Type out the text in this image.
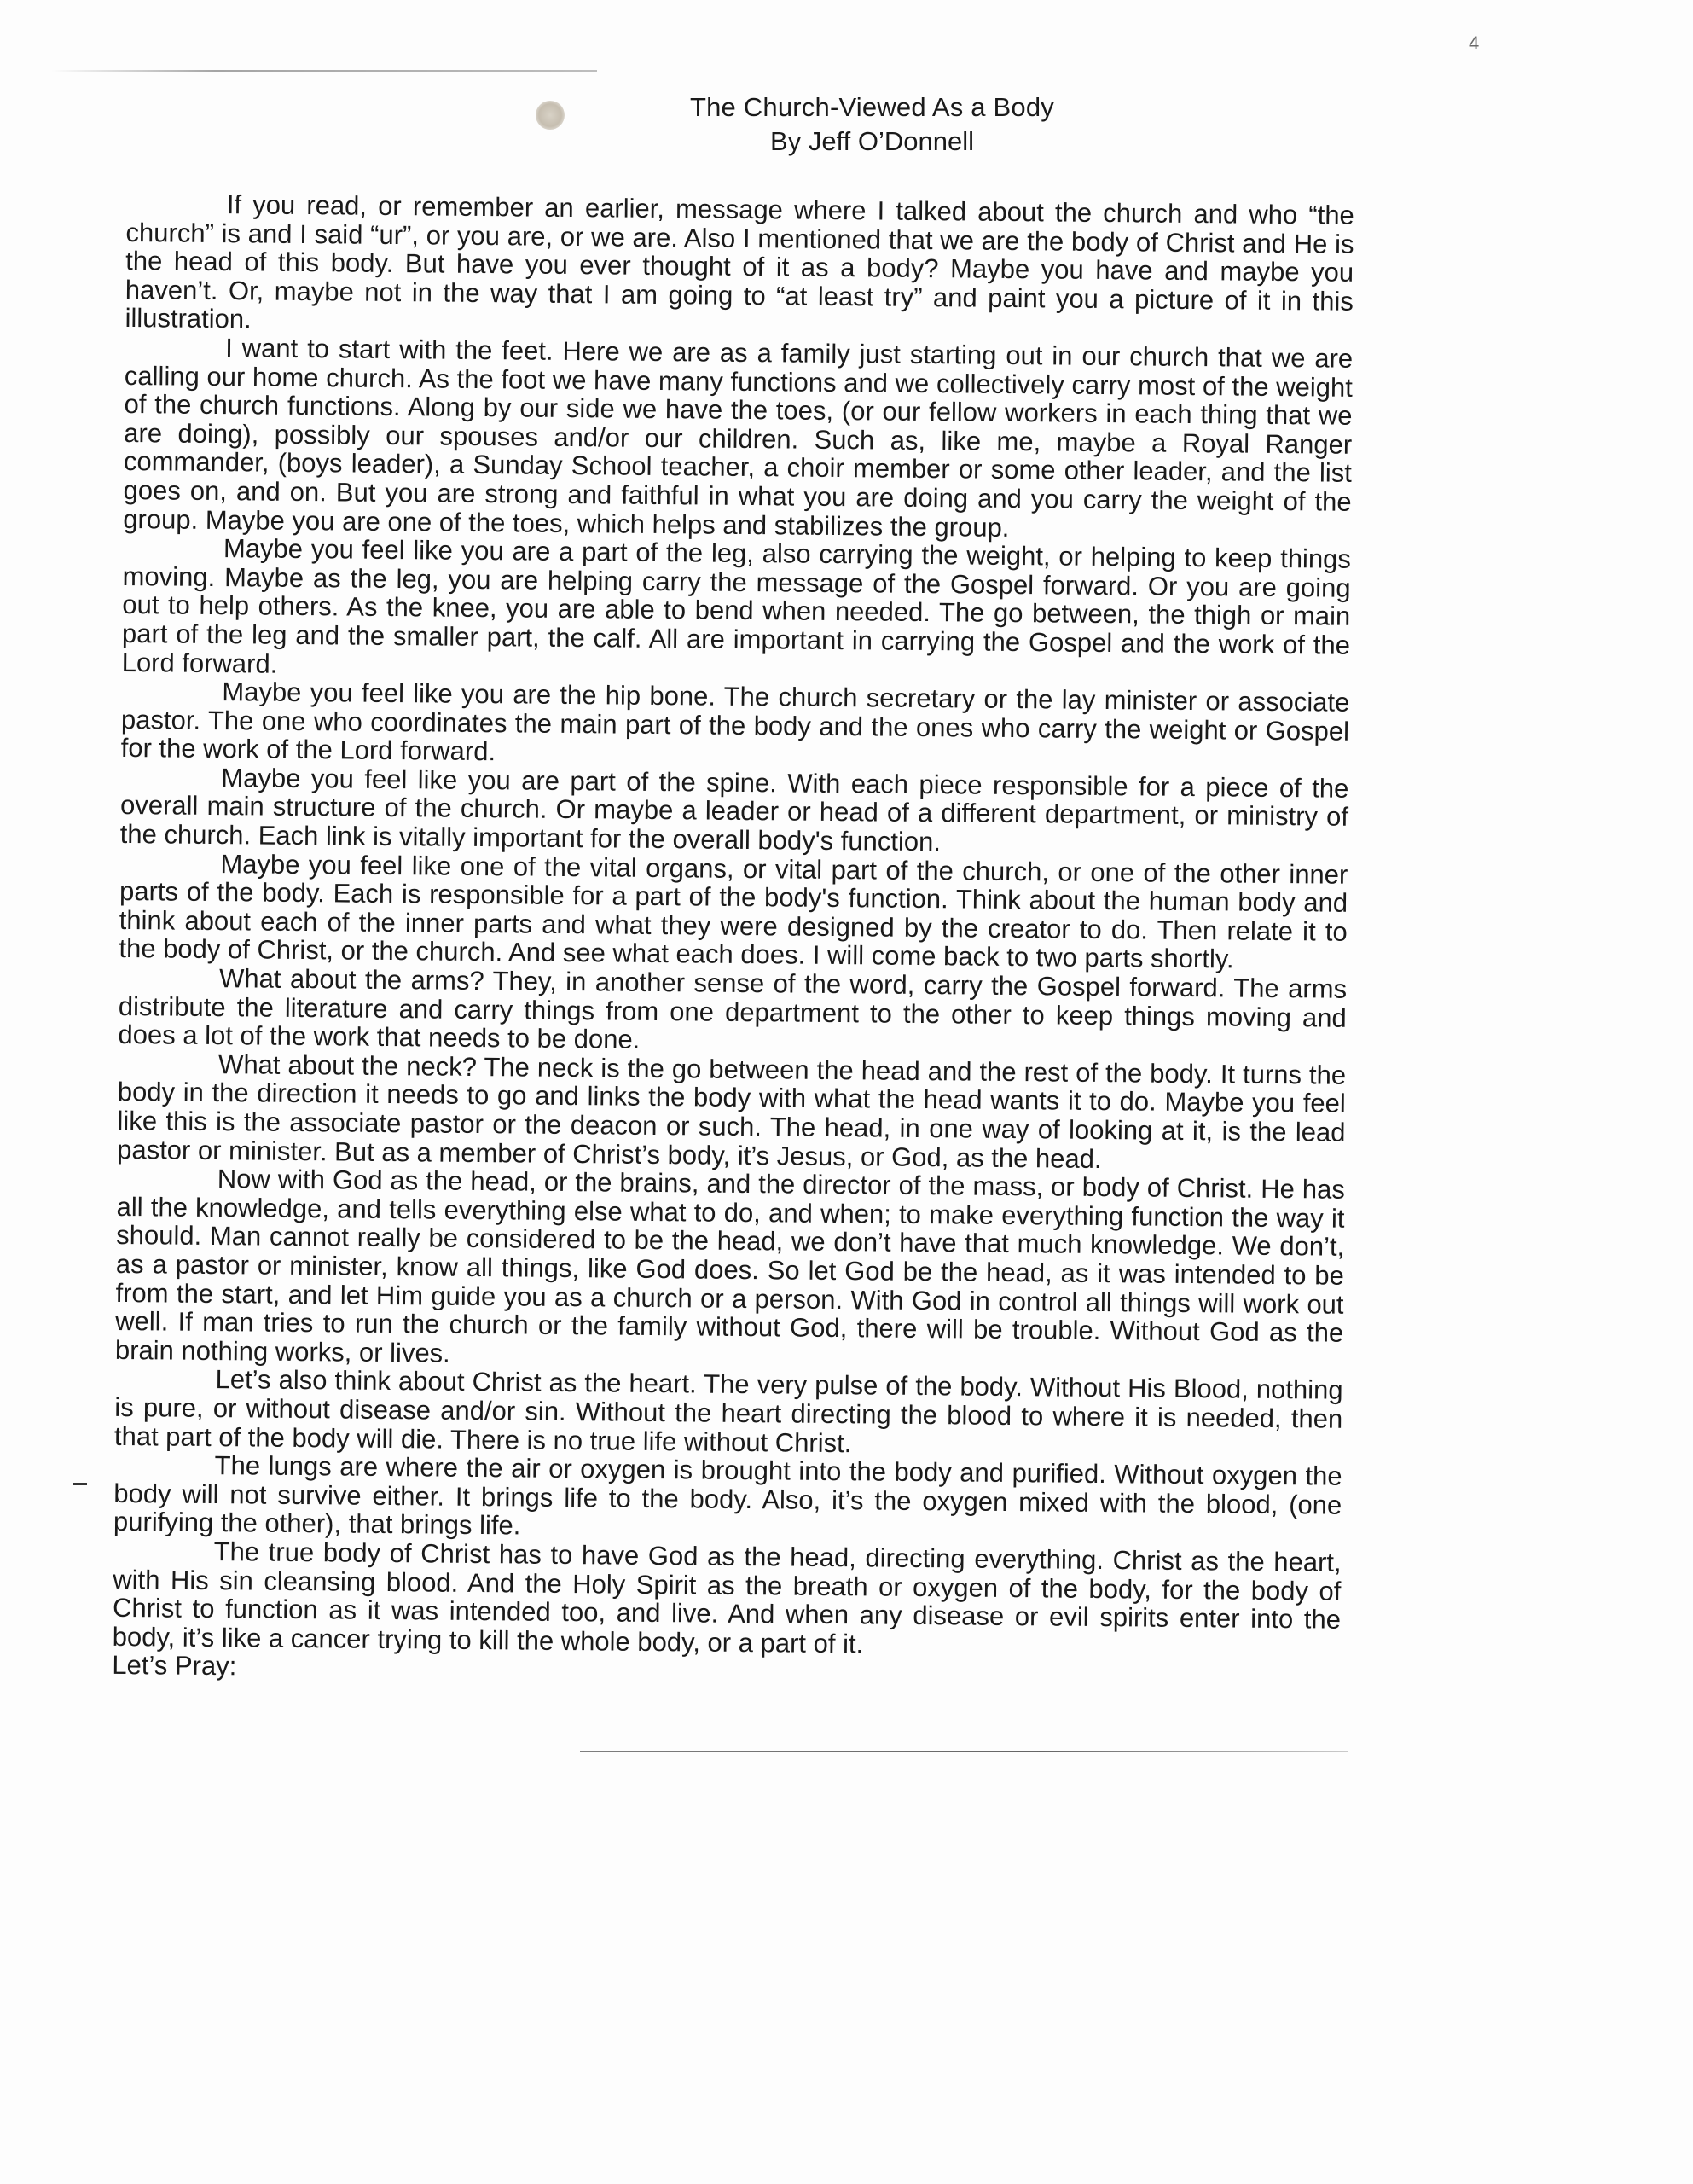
4
The Church-Viewed As a Body
By Jeff O’Donnell

If you read, or remember an earlier, message where I talked about the church and who “the church” is and I said “ur”, or you are, or we are. Also I mentioned that we are the body of Christ and He is the head of this body. But have you ever thought of it as a body? Maybe you have and maybe you haven’t. Or, maybe not in the way that I am going to “at least try” and paint you a picture of it in this illustration.

I want to start with the feet. Here we are as a family just starting out in our church that we are calling our home church. As the foot we have many functions and we collectively carry most of the weight of the church functions. Along by our side we have the toes, (or our fellow workers in each thing that we are doing), possibly our spouses and/or our children. Such as, like me, maybe a Royal Ranger commander, (boys leader), a Sunday School teacher, a choir member or some other leader, and the list goes on, and on. But you are strong and faithful in what you are doing and you carry the weight of the group. Maybe you are one of the toes, which helps and stabilizes the group.

Maybe you feel like you are a part of the leg, also carrying the weight, or helping to keep things moving. Maybe as the leg, you are helping carry the message of the Gospel forward. Or you are going out to help others. As the knee, you are able to bend when needed. The go between, the thigh or main part of the leg and the smaller part, the calf. All are important in carrying the Gospel and the work of the Lord forward.

Maybe you feel like you are the hip bone. The church secretary or the lay minister or associate pastor. The one who coordinates the main part of the body and the ones who carry the weight or Gospel for the work of the Lord forward.

Maybe you feel like you are part of the spine. With each piece responsible for a piece of the overall main structure of the church. Or maybe a leader or head of a different department, or ministry of the church. Each link is vitally important for the overall body's function.

Maybe you feel like one of the vital organs, or vital part of the church, or one of the other inner parts of the body. Each is responsible for a part of the body's function. Think about the human body and think about each of the inner parts and what they were designed by the creator to do. Then relate it to the body of Christ, or the church. And see what each does. I will come back to two parts shortly.

What about the arms? They, in another sense of the word, carry the Gospel forward. The arms distribute the literature and carry things from one department to the other to keep things moving and does a lot of the work that needs to be done.

What about the neck? The neck is the go between the head and the rest of the body. It turns the body in the direction it needs to go and links the body with what the head wants it to do. Maybe you feel like this is the associate pastor or the deacon or such. The head, in one way of looking at it, is the lead pastor or minister. But as a member of Christ’s body, it’s Jesus, or God, as the head.

Now with God as the head, or the brains, and the director of the mass, or body of Christ. He has all the knowledge, and tells everything else what to do, and when; to make everything function the way it should. Man cannot really be considered to be the head, we don’t have that much knowledge. We don’t, as a pastor or minister, know all things, like God does. So let God be the head, as it was intended to be from the start, and let Him guide you as a church or a person. With God in control all things will work out well. If man tries to run the church or the family without God, there will be trouble. Without God as the brain nothing works, or lives.

Let’s also think about Christ as the heart. The very pulse of the body. Without His Blood, nothing is pure, or without disease and/or sin. Without the heart directing the blood to where it is needed, then that part of the body will die. There is no true life without Christ.

The lungs are where the air or oxygen is brought into the body and purified. Without oxygen the body will not survive either. It brings life to the body. Also, it’s the oxygen mixed with the blood, (one purifying the other), that brings life.

The true body of Christ has to have God as the head, directing everything. Christ as the heart, with His sin cleansing blood. And the Holy Spirit as the breath or oxygen of the body, for the body of Christ to function as it was intended too, and live. And when any disease or evil spirits enter into the body, it’s like a cancer trying to kill the whole body, or a part of it.

Let’s Pray:
